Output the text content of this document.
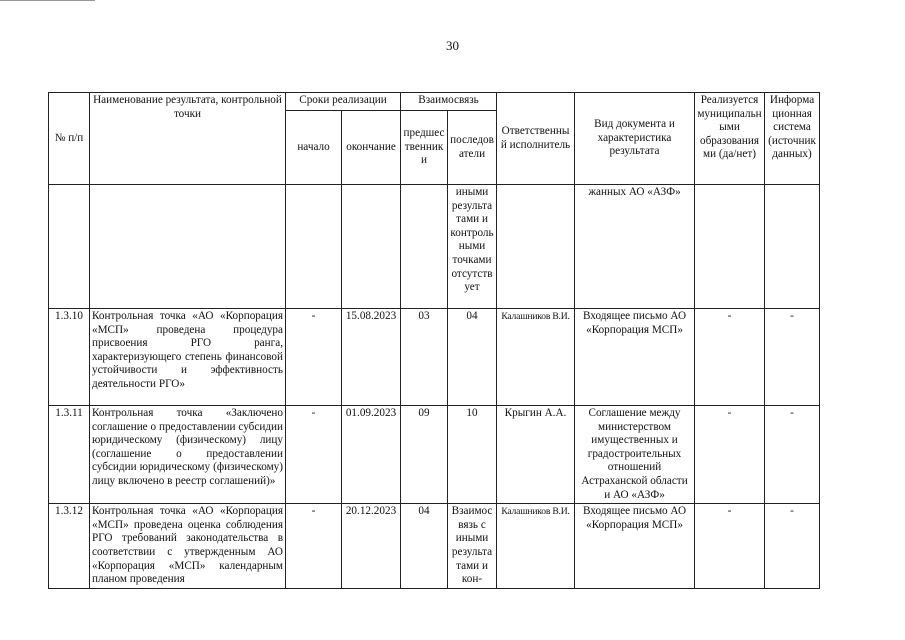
30
№ п/п	Наименование результата, контрольной точки	Сроки реализации		Взаимосвязь		Ответственный исполнитель	Вид документа и характеристика результата	Реализуется муниципальными образованиями (да/нет)	Информационная система (источник данных)
		начало	окончание	предшественники	последователи				
					иными результатами и контрольными точками отсутствует		жанных АО «АЗФ»		
1.3.10	Контрольная точка «АО «Корпорация «МСП» проведена процедура присвоения РГО ранга, характеризующего степень финансовой устойчивости и эффективность деятельности РГО»	-	15.08.2023	03	04	Калашников В.И.	Входящее письмо АО «Корпорация МСП»	-	-
1.3.11	Контрольная точка «Заключено соглашение о предоставлении субсидии юридическому (физическому) лицу (соглашение о предоставлении субсидии юридическому (физическому) лицу включено в реестр соглашений)»	-	01.09.2023	09	10	Крыгин А.А.	Соглашение между министерством имущественных и градостроительных отношений Астраханской области и АО «АЗФ»	-	-
1.3.12	Контрольная точка «АО «Корпорация «МСП» проведена оценка соблюдения РГО требований законодательства в соответствии с утвержденным АО «Корпорация «МСП» календарным планом проведения	-	20.12.2023	04	Взаимосвязь с иными результатами и кон-	Калашников В.И.	Входящее письмо АО «Корпорация МСП»	-	-
